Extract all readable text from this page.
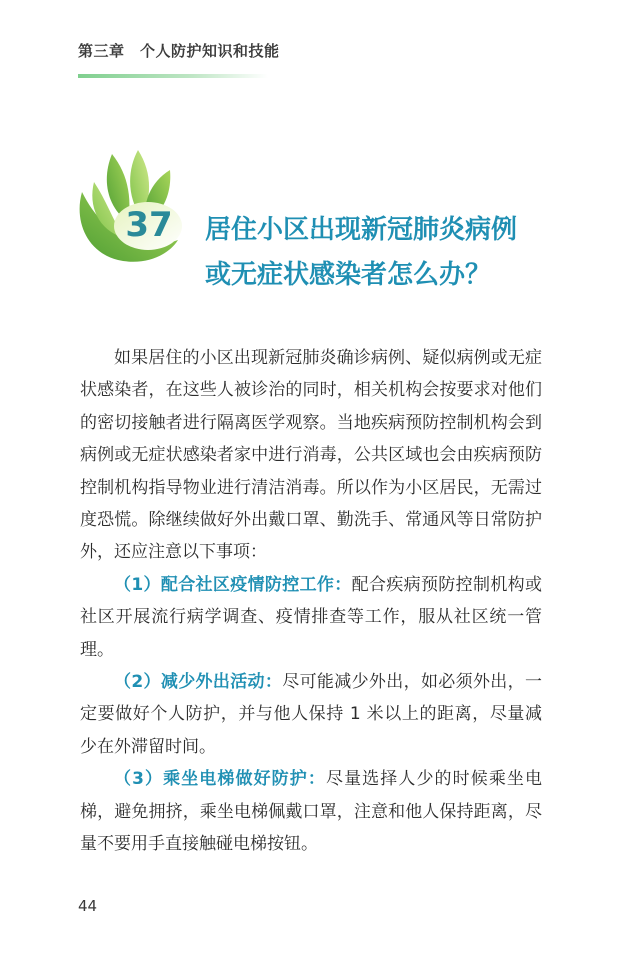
第三章　个人防护知识和技能
37	居住小区出现新冠肺炎病例
或无症状感染者怎么办？

如果居住的小区出现新冠肺炎确诊病例、疑似病例或无症状感染者，在这些人被诊治的同时，相关机构会按要求对他们的密切接触者进行隔离医学观察。当地疾病预防控制机构会到病例或无症状感染者家中进行消毒，公共区域也会由疾病预防控制机构指导物业进行清洁消毒。所以作为小区居民，无需过度恐慌。除继续做好外出戴口罩、勤洗手、常通风等日常防护外，还应注意以下事项：

（1）配合社区疫情防控工作：配合疾病预防控制机构或社区开展流行病学调查、疫情排查等工作，服从社区统一管理。

（2）减少外出活动：尽可能减少外出，如必须外出，一定要做好个人防护，并与他人保持 1 米以上的距离，尽量减少在外滞留时间。

（3）乘坐电梯做好防护：尽量选择人少的时候乘坐电梯，避免拥挤，乘坐电梯佩戴口罩，注意和他人保持距离，尽量不要用手直接触碰电梯按钮。

44
